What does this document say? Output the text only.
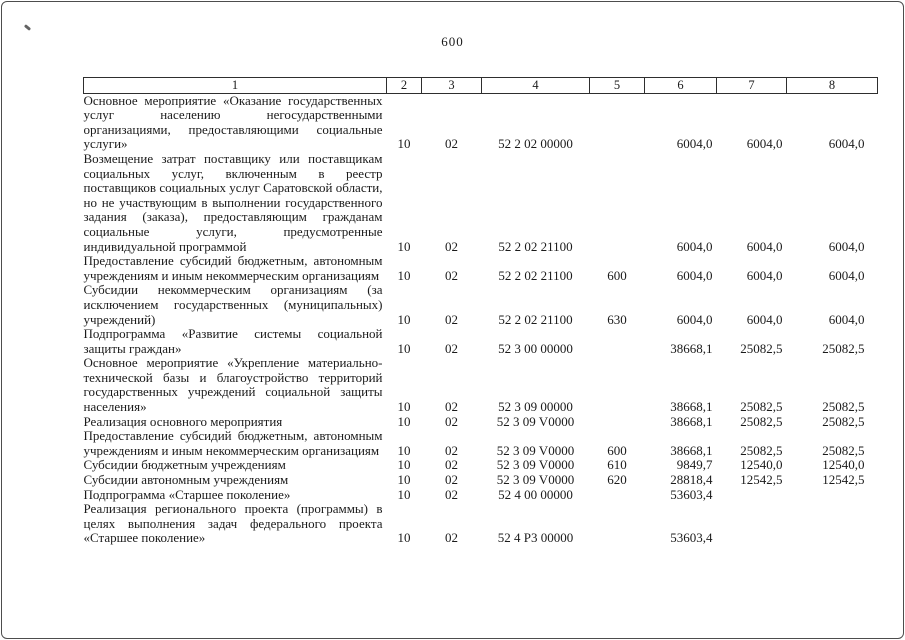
600
1	2	3	4	5	6	7	8
Основное мероприятие «Оказание государственных услуг населению негосударственными организациями, предоставляющими социальные услуги»	10	02	52 2 02 00000		6004,0	6004,0	6004,0
Возмещение затрат поставщику или поставщикам социальных услуг, включенным в реестр поставщиков социальных услуг Саратовской области, но не участвующим в выполнении государственного задания (заказа), предоставляющим гражданам социальные услуги, предусмотренные индивидуальной программой	10	02	52 2 02 21100		6004,0	6004,0	6004,0
Предоставление субсидий бюджетным, автономным учреждениям и иным некоммерческим организациям	10	02	52 2 02 21100	600	6004,0	6004,0	6004,0
Субсидии некоммерческим организациям (за исключением государственных (муниципальных) учреждений)	10	02	52 2 02 21100	630	6004,0	6004,0	6004,0
Подпрограмма «Развитие системы социальной защиты граждан»	10	02	52 3 00 00000		38668,1	25082,5	25082,5
Основное мероприятие «Укрепление материально-технической базы и благоустройство территорий государственных учреждений социальной защиты населения»	10	02	52 3 09 00000		38668,1	25082,5	25082,5
Реализация основного мероприятия	10	02	52 3 09 V0000		38668,1	25082,5	25082,5
Предоставление субсидий бюджетным, автономным учреждениям и иным некоммерческим организациям	10	02	52 3 09 V0000	600	38668,1	25082,5	25082,5
Субсидии бюджетным учреждениям	10	02	52 3 09 V0000	610	9849,7	12540,0	12540,0
Субсидии автономным учреждениям	10	02	52 3 09 V0000	620	28818,4	12542,5	12542,5
Подпрограмма «Старшее поколение»	10	02	52 4 00 00000		53603,4		
Реализация регионального проекта (программы) в целях выполнения задач федерального проекта «Старшее поколение»	10	02	52 4 P3 00000		53603,4		
